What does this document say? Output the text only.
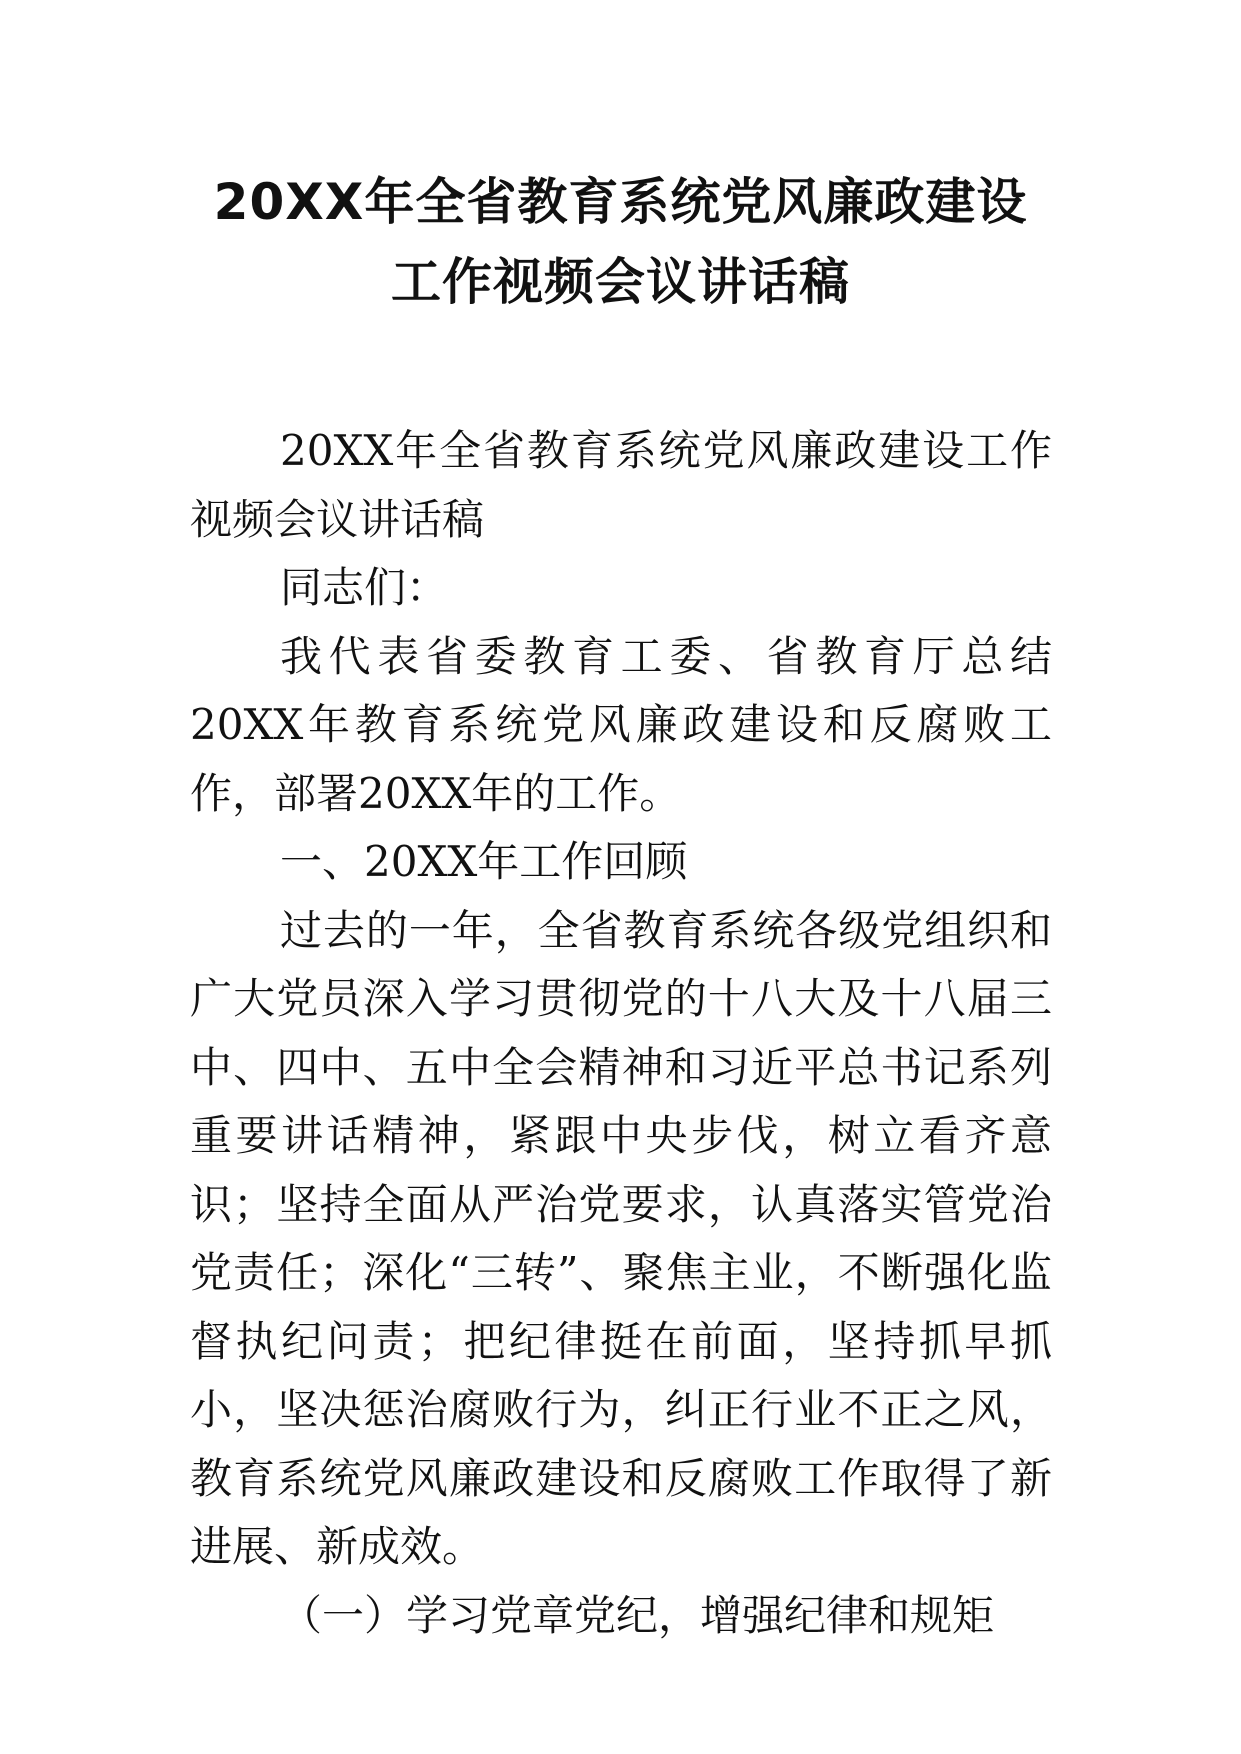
20XX年全省教育系统党风廉政建设
工作视频会议讲话稿

20XX年全省教育系统党风廉政建设工作视频会议讲话稿

同志们：

我代表省委教育工委、省教育厅总结20XX年教育系统党风廉政建设和反腐败工作，部署20XX年的工作。

一、20XX年工作回顾

过去的一年，全省教育系统各级党组织和广大党员深入学习贯彻党的十八大及十八届三中、四中、五中全会精神和习近平总书记系列重要讲话精神，紧跟中央步伐，树立看齐意识；坚持全面从严治党要求，认真落实管党治党责任；深化“三转”、聚焦主业，不断强化监督执纪问责；把纪律挺在前面，坚持抓早抓小，坚决惩治腐败行为，纠正行业不正之风，教育系统党风廉政建设和反腐败工作取得了新进展、新成效。

（一）学习党章党纪，增强纪律和规矩
